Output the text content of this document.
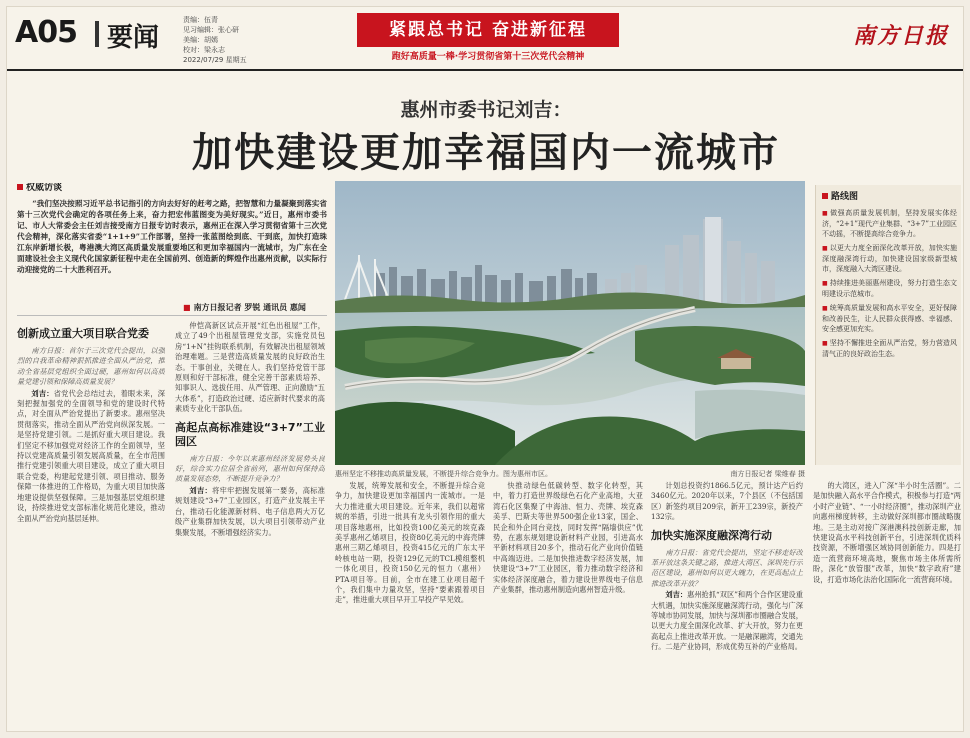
A05 要闻
责编：伍青
见习编辑：张心研
美编：胡嫣
校对：梁永志
2022/07/29 星期五
紧跟总书记 奋进新征程
跑好高质量一棒·学习贯彻省第十三次党代会精神
南方日报
惠州市委书记刘吉：
加快建设更加幸福国内一流城市
权威访谈

“我们坚决按照习近平总书记指引的方向去好好的赶考之路，把智慧和力量凝聚到落实省第十三次党代会确定的各项任务上来，奋力把宏伟蓝图变为美好现实。”近日，惠州市委书记、市人大常委会主任刘吉接受南方日报专访时表示，惠州正在深入学习贯彻省第十三次党代会精神，深化落实省委“1+1+9”工作部署，坚持一张蓝图绘到底、干到底，加快打造珠江东岸新增长极，粤港澳大湾区高质量发展重要地区和更加幸福国内一流城市，为广东在全面建设社会主义现代化国家新征程中走在全国前列、创造新的辉煌作出惠州贡献，以实际行动迎接党的二十大胜利召开。

■ 南方日报记者 罗锐 通讯员 惠闻
创新成立重大项目联合党委

南方日报：首尔于三次党代会提出，以强烈的自我革命精神狠抓推进全面从严治党，推动全省基层党组织全面过硬，惠州如何以高质量党建引领和保障高质量发展？

刘吉：省党代会总结过去，着眼未来，深刻把握加强党的全面领导和党的建设时代特点，对全面从严治党提出了新要求。惠州坚决贯彻落实，推动全面从严治党向纵深发展。一是坚持党建引领。二是抓好重大项目建设。我们坚定不移加强党对经济工作的全面领导，坚持以党建高质量引领发展高质量，在全市范围推行党建引领重大项目建设，成立了重大项目联合党委，构建起党建引领、项目推动、服务保障一体推进的工作格局，为重大项目加快落地建设提供坚强保障。三是加强基层党组织建设，持续推进党支部标准化规范化建设，推动全面从严治党向基层延伸。

仲恺高新区试点开展“红色出租屋”工作，成立了49个出租屋管理党支部，实施党员包房“1+N”挂钩联系机制，有效解决出租屋领域治理难题。三是营造高质量发展的良好政治生态。干事创业，关键在人。我们坚持党管干部原则和好干部标准，健全完善干部素质培养、知事识人、选拔任用、从严管理、正向激励“五大体系”，打造政治过硬、适应新时代要求的高素质专业化干部队伍。

高起点高标准建设“3+7”工业园区

南方日报：今年以来惠州经济发展势头良好，综合实力位居全省前列，惠州如何保持高质量发展态势，不断提升竞争力？

刘吉：将牢牢把握发展第一要务，高标准规划建设“3+7”工业园区，打造产业发展主平台，推动石化能源新材料、电子信息两大万亿级产业集群加快发展，以大项目引领带动产业集聚发展，不断增强经济实力。

惠州坚定不移推动高质量发展，不断提升综合竞争力。图为惠州市区。	南方日报记者 梁维春 摄
路线图
■ 做强高质量发展机制，坚持发展实体经济，“2+1”现代产业集群、“3+7”工业园区不动摇，不断提高综合竞争力。
■ 以更大力度全面深化改革开放，加快实施深度融深湾行动，加快建设国家级新型城市，深度融入大湾区建设。
■ 持续推进美丽惠州建设，努力打造生态文明建设示范城市。
■ 统筹高质量发展和高水平安全，更好保障和改善民生，让人民群众获得感、幸福感、安全感更加充实。
■ 坚持不懈推进全面从严治党，努力营造风清气正的良好政治生态。

发展，统筹发展和安全，不断提升综合竞争力，加快建设更加幸福国内一流城市。一是大力推进重大项目建设。近年来，我们以超常规的举措，引进一批具有龙头引领作用的重大项目落地惠州，比如投资100亿美元的埃克森美孚惠州乙烯项目，投资80亿美元的中海壳牌惠州三期乙烯项目，投资415亿元的广东太平岭核电站一期，投资129亿元的TCL模组整机一体化项目，投资150亿元的恒力（惠州）PTA项目等。目前，全市在建工业项目超千个，我们集中力量攻坚，坚持“要素跟着项目走”，推进重大项目早开工早投产早见效。

快推动绿色低碳转型、数字化转型，其中，着力打造世界级绿色石化产业高地，大亚湾石化区集聚了中海油、恒力、壳牌、埃克森美孚、巴斯夫等世界500强企业13家，国企、民企和外企同台竞技，同时发挥“隔墙供应”优势，在惠东规划建设新材料产业园，引进高水平新材料项目20多个，推动石化产业向价值链中高端迈进。二是加快推进数字经济发展，加快建设“3+7”工业园区，着力推动数字经济和实体经济深度融合，着力建设世界级电子信息产业集群，推动惠州制造向惠州智造升级。

计划总投资约1866.5亿元，预计达产后约3460亿元。2020年以来，7个县区（不包括国区）新签约项目209宗，新开工239宗，新投产132宗。

加快实施深度融深湾行动

南方日报：省党代会提出，坚定不移走好改革开放这条关键之路，推进大湾区、深圳先行示范区建设，惠州如何以更大魄力，在更高起点上推进改革开放？

刘吉：惠州抢抓“双区”和两个合作区建设重大机遇，加快实施深度融深湾行动，强化与广深等城市协同发展，加快与深圳都市圈融合发展，以更大力度全面深化改革、扩大开放，努力在更高起点上推进改革开放。一是融深融湾，交通先行。二是产业协同，形成优势互补的产业格局。

的大湾区，进入广深“半小时生活圈”。二是加快融入高水平合作模式，积极参与打造“两小时产业链”、“一小时经济圈”，推动深圳产业向惠州梯度转移，主动做好深圳都市圈战略腹地。三是主动对接广深港澳科技创新走廊，加快建设高水平科技创新平台，引进深圳优质科技资源，不断增强区域协同创新能力。四是打造一流营商环境高地，聚焦市场主体所需所盼，深化“放管服”改革，加快“数字政府”建设，打造市场化法治化国际化一流营商环境。
